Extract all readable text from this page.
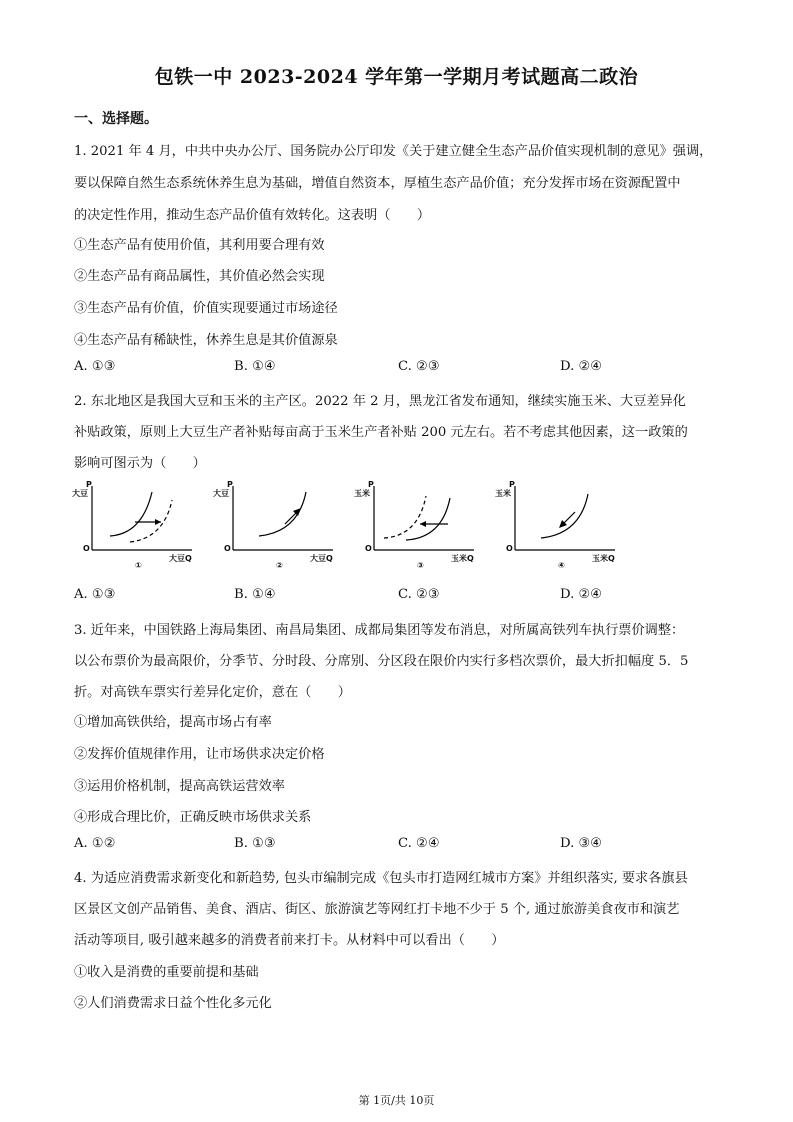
包铁一中 2023-2024 学年第一学期月考试题高二政治
一、选择题。
1. 2021 年 4 月，中共中央办公厅、国务院办公厅印发《关于建立健全生态产品价值实现机制的意见》强调，
要以保障自然生态系统休养生息为基础，增值自然资本，厚植生态产品价值；充分发挥市场在资源配置中
的决定性作用，推动生态产品价值有效转化。这表明（　　）
①生态产品有使用价值，其利用要合理有效
②生态产品有商品属性，其价值必然会实现
③生态产品有价值，价值实现要通过市场途径
④生态产品有稀缺性，休养生息是其价值源泉
A. ①③	B. ①④	C. ②③	D. ②④
2. 东北地区是我国大豆和玉米的主产区。2022 年 2 月，黑龙江省发布通知，继续实施玉米、大豆差异化
补贴政策，原则上大豆生产者补贴每亩高于玉米生产者补贴 200 元左右。若不考虑其他因素，这一政策的
影响可图示为（　　）
大豆
P
O
大豆Q
①
大豆
P
O
大豆Q
②
玉米
P
O
玉米Q
③
玉米
P
O
玉米Q
④
A. ①③	B. ①④	C. ②③	D. ②④
3. 近年来，中国铁路上海局集团、南昌局集团、成都局集团等发布消息，对所属高铁列车执行票价调整：
以公布票价为最高限价，分季节、分时段、分席别、分区段在限价内实行多档次票价，最大折扣幅度 5．5
折。对高铁车票实行差异化定价，意在（　　）
①增加高铁供给，提高市场占有率
②发挥价值规律作用，让市场供求决定价格
③运用价格机制，提高高铁运营效率
④形成合理比价，正确反映市场供求关系
A. ①②	B. ①③	C. ②④	D. ③④
4. 为适应消费需求新变化和新趋势, 包头市编制完成《包头市打造网红城市方案》并组织落实, 要求各旗县
区景区文创产品销售、美食、酒店、街区、旅游演艺等网红打卡地不少于 5 个, 通过旅游美食夜市和演艺
活动等项目, 吸引越来越多的消费者前来打卡。从材料中可以看出（　　）
①收入是消费的重要前提和基础
②人们消费需求日益个性化多元化
第 1页/共 10页
